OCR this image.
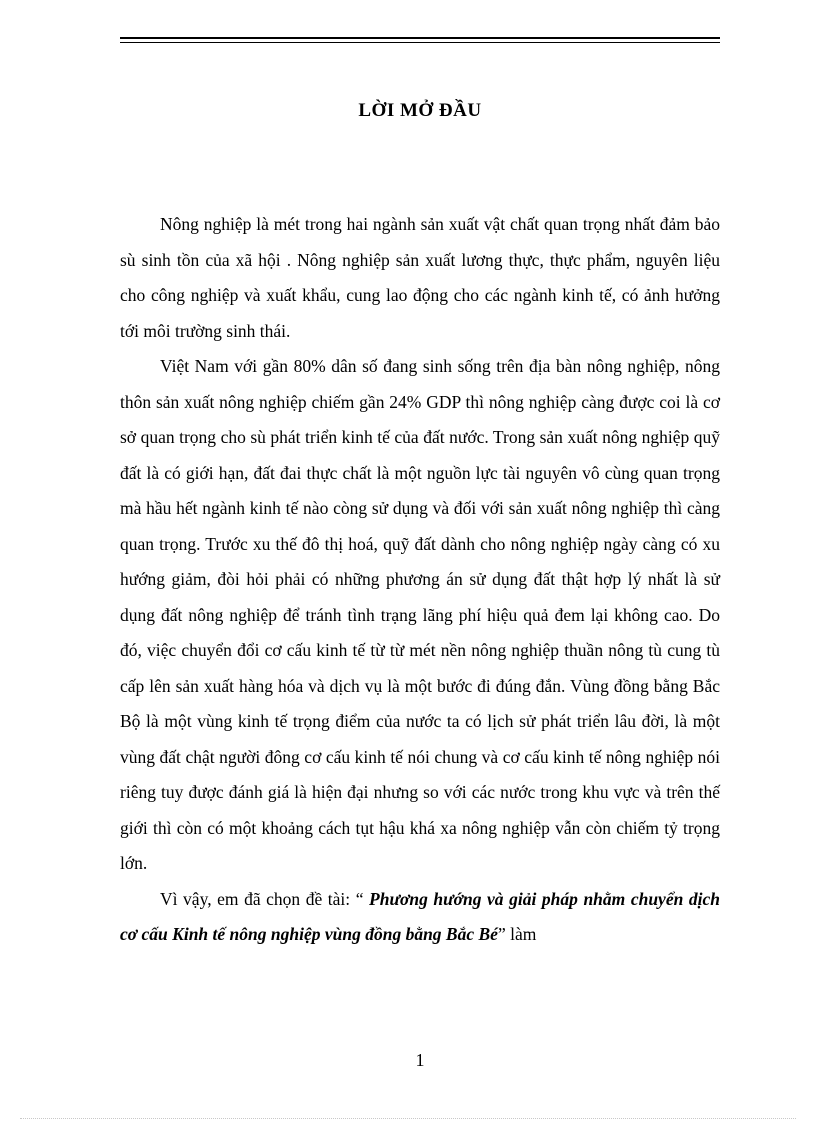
LỜI MỞ ĐẦU

Nông nghiệp là mét trong hai ngành sản xuất vật chất quan trọng nhất đảm bảo sù sinh tồn của xã hội . Nông nghiệp sản xuất lương thực, thực phẩm, nguyên liệu cho công nghiệp và xuất khẩu, cung lao động cho các ngành kinh tế, có ảnh hưởng tới môi trường sinh thái.

Việt Nam với gần 80% dân số đang sinh sống trên địa bàn nông nghiệp, nông thôn sản xuất nông nghiệp chiếm gần 24% GDP thì nông nghiệp càng được coi là cơ sở quan trọng cho sù phát triển kinh tế của đất nước. Trong sản xuất nông nghiệp quỹ đất là có giới hạn, đất đai thực chất là một nguồn lực tài nguyên vô cùng quan trọng mà hầu hết ngành kinh tế nào còng sử dụng và đối với sản xuất nông nghiệp thì càng quan trọng. Trước xu thế đô thị hoá, quỹ đất dành cho nông nghiệp ngày càng có xu hướng giảm, đòi hỏi phải có những phương án sử dụng đất thật hợp lý nhất là sử dụng đất nông nghiệp để tránh tình trạng lãng phí hiệu quả đem lại không cao. Do đó, việc chuyển đổi cơ cấu kinh tế từ từ mét nền nông nghiệp thuần nông tù cung tù cấp lên sản xuất hàng hóa và dịch vụ là một bước đi đúng đắn. Vùng đồng bằng Bắc Bộ là một vùng kinh tế trọng điểm của nước ta có lịch sử phát triển lâu đời, là một vùng đất chật người đông cơ cấu kinh tế nói chung và cơ cấu kinh tế nông nghiệp nói riêng tuy được đánh giá là hiện đại nhưng so với các nước trong khu vực và trên thế giới thì còn có một khoảng cách tụt hậu khá xa nông nghiệp vẫn còn chiếm tỷ trọng lớn.

Vì vậy, em đã chọn đề tài: “ Phương hướng và giải pháp nhằm chuyển dịch cơ cấu Kinh tế nông nghiệp vùng đồng bằng Bắc Bé” làm

1
